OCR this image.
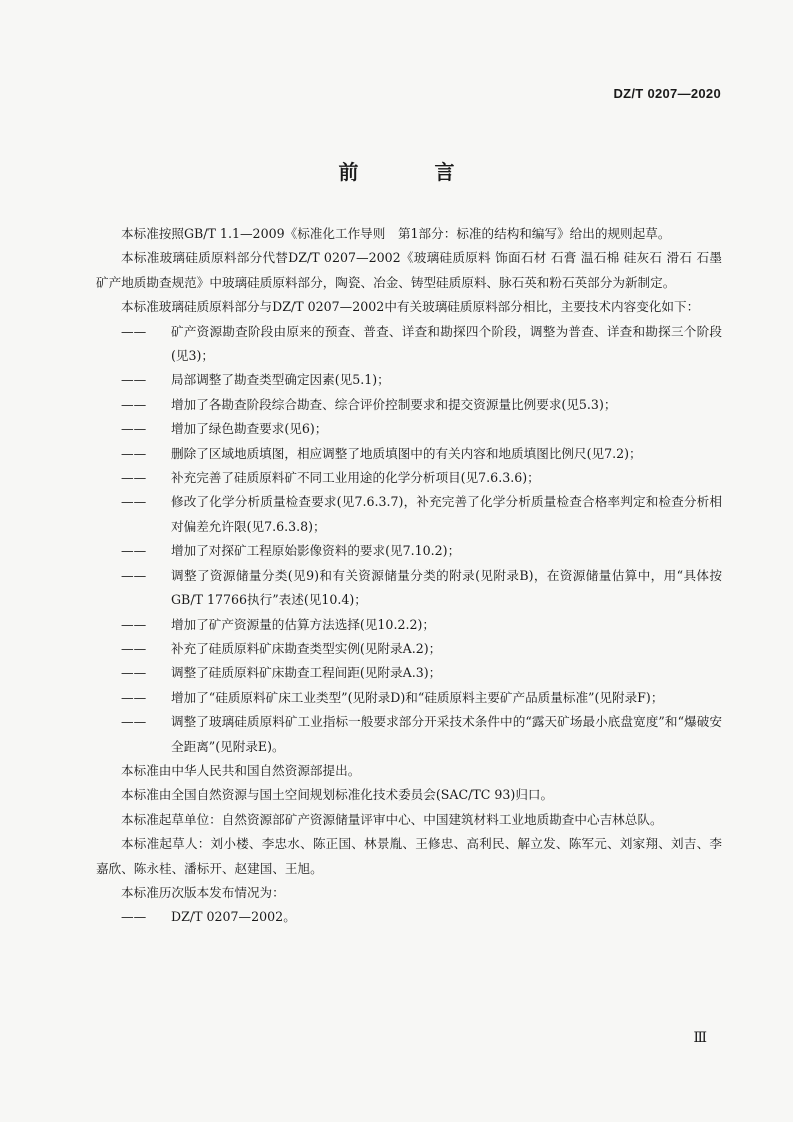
DZ/T 0207—2020
前　言

本标准按照GB/T 1.1—2009《标准化工作导则　第1部分：标准的结构和编写》给出的规则起草。

本标准玻璃硅质原料部分代替DZ/T 0207—2002《玻璃硅质原料 饰面石材 石膏 温石棉 硅灰石 滑石 石墨矿产地质勘查规范》中玻璃硅质原料部分，陶瓷、冶金、铸型硅质原料、脉石英和粉石英部分为新制定。

本标准玻璃硅质原料部分与DZ/T 0207—2002中有关玻璃硅质原料部分相比，主要技术内容变化如下：

——	矿产资源勘查阶段由原来的预查、普查、详查和勘探四个阶段，调整为普查、详查和勘探三个阶段(见3)；
——	局部调整了勘查类型确定因素(见5.1)；
——	增加了各勘查阶段综合勘查、综合评价控制要求和提交资源量比例要求(见5.3)；
——	增加了绿色勘查要求(见6)；
——	删除了区域地质填图，相应调整了地质填图中的有关内容和地质填图比例尺(见7.2)；
——	补充完善了硅质原料矿不同工业用途的化学分析项目(见7.6.3.6)；
——	修改了化学分析质量检查要求(见7.6.3.7)，补充完善了化学分析质量检查合格率判定和检查分析相对偏差允许限(见7.6.3.8)；
——	增加了对探矿工程原始影像资料的要求(见7.10.2)；
——	调整了资源储量分类(见9)和有关资源储量分类的附录(见附录B)，在资源储量估算中，用“具体按GB/T 17766执行”表述(见10.4)；
——	增加了矿产资源量的估算方法选择(见10.2.2)；
——	补充了硅质原料矿床勘查类型实例(见附录A.2)；
——	调整了硅质原料矿床勘查工程间距(见附录A.3)；
——	增加了“硅质原料矿床工业类型”(见附录D)和“硅质原料主要矿产品质量标准”(见附录F)；
——	调整了玻璃硅质原料矿工业指标一般要求部分开采技术条件中的“露天矿场最小底盘宽度”和“爆破安全距离”(见附录E)。

本标准由中华人民共和国自然资源部提出。

本标准由全国自然资源与国土空间规划标准化技术委员会(SAC/TC 93)归口。

本标准起草单位：自然资源部矿产资源储量评审中心、中国建筑材料工业地质勘查中心吉林总队。

本标准起草人：刘小楼、李忠水、陈正国、林景胤、王修忠、高利民、解立发、陈军元、刘家翔、刘吉、李嘉欣、陈永桂、潘标开、赵建国、王旭。

本标准历次版本发布情况为：

——	DZ/T 0207—2002。
Ⅲ
